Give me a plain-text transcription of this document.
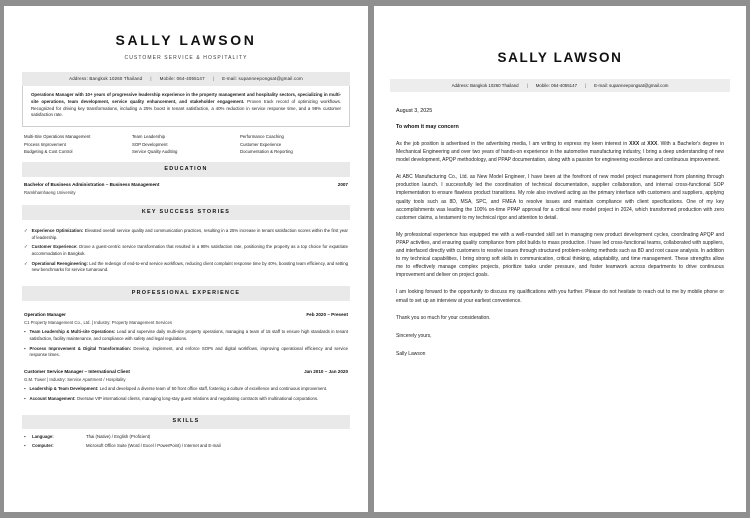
SALLY LAWSON
CUSTOMER SERVICE & HOSPITALITY
Address: Bangkok 10260 Thailand | Mobile: 064-4055147 | E-mail: supanneepongsat@gmail.com
Operations Manager with 10+ years of progressive leadership experience in the property management and hospitality sectors, specializing in multi-site operations, team development, service quality enhancement, and stakeholder engagement. Proven track record of optimizing workflows. Recognized for driving key transformations, including a 25% boost in tenant satisfaction, a 40% reduction in service response time, and a 98% customer satisfaction rate.
Multi-Site Operations Management
Process Improvement
Budgeting & Cost Control
Team Leadership
SOP Development
Service Quality Auditing
Performance Coaching
Customer Experience
Documentation & Reporting
EDUCATION
Bachelor of Business Administration – Business Management	2007
Ramkhamhaeng University
KEY SUCCESS STORIES
✓ Experience Optimization: Elevated overall service quality and communication practices, resulting in a 25% increase in tenant satisfaction scores within the first year of leadership.
✓ Customer Experience: Drove a guest-centric service transformation that resulted in a 98% satisfaction rate, positioning the property as a top choice for expatriate accommodation in Bangkok.
✓ Operational Reengineering: Led the redesign of end-to-end service workflows, reducing client complaint response time by 40%, boosting team efficiency, and setting new benchmarks for service turnaround.
PROFESSIONAL EXPERIENCE
Operation Manager	Feb 2020 – Present
C1 Property Management Co., Ltd. | Industry: Property Management Services
▪ Team Leadership & Multi-site Operations: Lead and supervise daily multi-site property operations, managing a team of 15 staff to ensure high standards in tenant satisfaction, facility maintenance, and compliance with safety and legal regulations.
▪ Process Improvement & Digital Transformation: Develop, implement, and enforce SOPs and digital workflows, improving operational efficiency and service response times.
Customer Service Manager – International Client	Jan 2010 – Jan 2020
G.M. Tower | Industry: Service Apartment / Hospitality
▪ Leadership & Team Development: Led and developed a diverse team of 50 front office staff, fostering a culture of excellence and continuous improvement.
▪ Account Management: Oversaw VIP international clients, managing long-stay guest relations and negotiating contracts with multinational corporations.
SKILLS
▪	Language:	Thai (Native) / English (Proficient)
▪	Computer:	Microsoft Office Suite (Word / Excel / PowerPoint) / Internet and E-mail
SALLY LAWSON
Address: Bangkok 10260 Thailand | Mobile: 064-4055147 | E-mail: supanneepongsat@gmail.com
August 3, 2025
To whom it may concern
As the job position is advertised in the advertising media, I am writing to express my keen interest in XXX at XXX. With a Bachelor's degree in Mechanical Engineering and over two years of hands-on experience in the automotive manufacturing industry, I bring a deep understanding of new model development, APQP methodology, and PPAP documentation, along with a passion for engineering excellence and continuous improvement.
At ABC Manufacturing Co., Ltd. as New Model Engineer, I have been at the forefront of new model project management from planning through production launch. I successfully led the coordination of technical documentation, supplier collaboration, and internal cross-functional SOP implementation to ensure flawless product transitions. My role also involved acting as the primary interface with customers and suppliers, applying quality tools such as 8D, MSA, SPC, and FMEA to resolve issues and maintain compliance with client specifications. One of my key accomplishments was leading the 100% on-time PPAP approval for a critical new model project in 2024, which transformed production with zero customer claims, a testament to my technical rigor and attention to detail.
My professional experience has equipped me with a well-rounded skill set in managing new product development cycles, coordinating APQP and PPAP activities, and ensuring quality compliance from pilot builds to mass production. I have led cross-functional teams, collaborated with suppliers, and interfaced directly with customers to resolve issues through structured problem-solving methods such as 8D and root cause analysis. In addition to my technical capabilities, I bring strong soft skills in communication, critical thinking, adaptability, and time management. These strengths allow me to effectively manage complex projects, prioritize tasks under pressure, and foster teamwork across departments to drive continuous improvement and deliver on project goals.
I am looking forward to the opportunity to discuss my qualifications with you further. Please do not hesitate to reach out to me by mobile phone or email to set up an interview at your earliest convenience.
Thank you so much for your consideration.
Sincerely yours,
Sally Lawson
